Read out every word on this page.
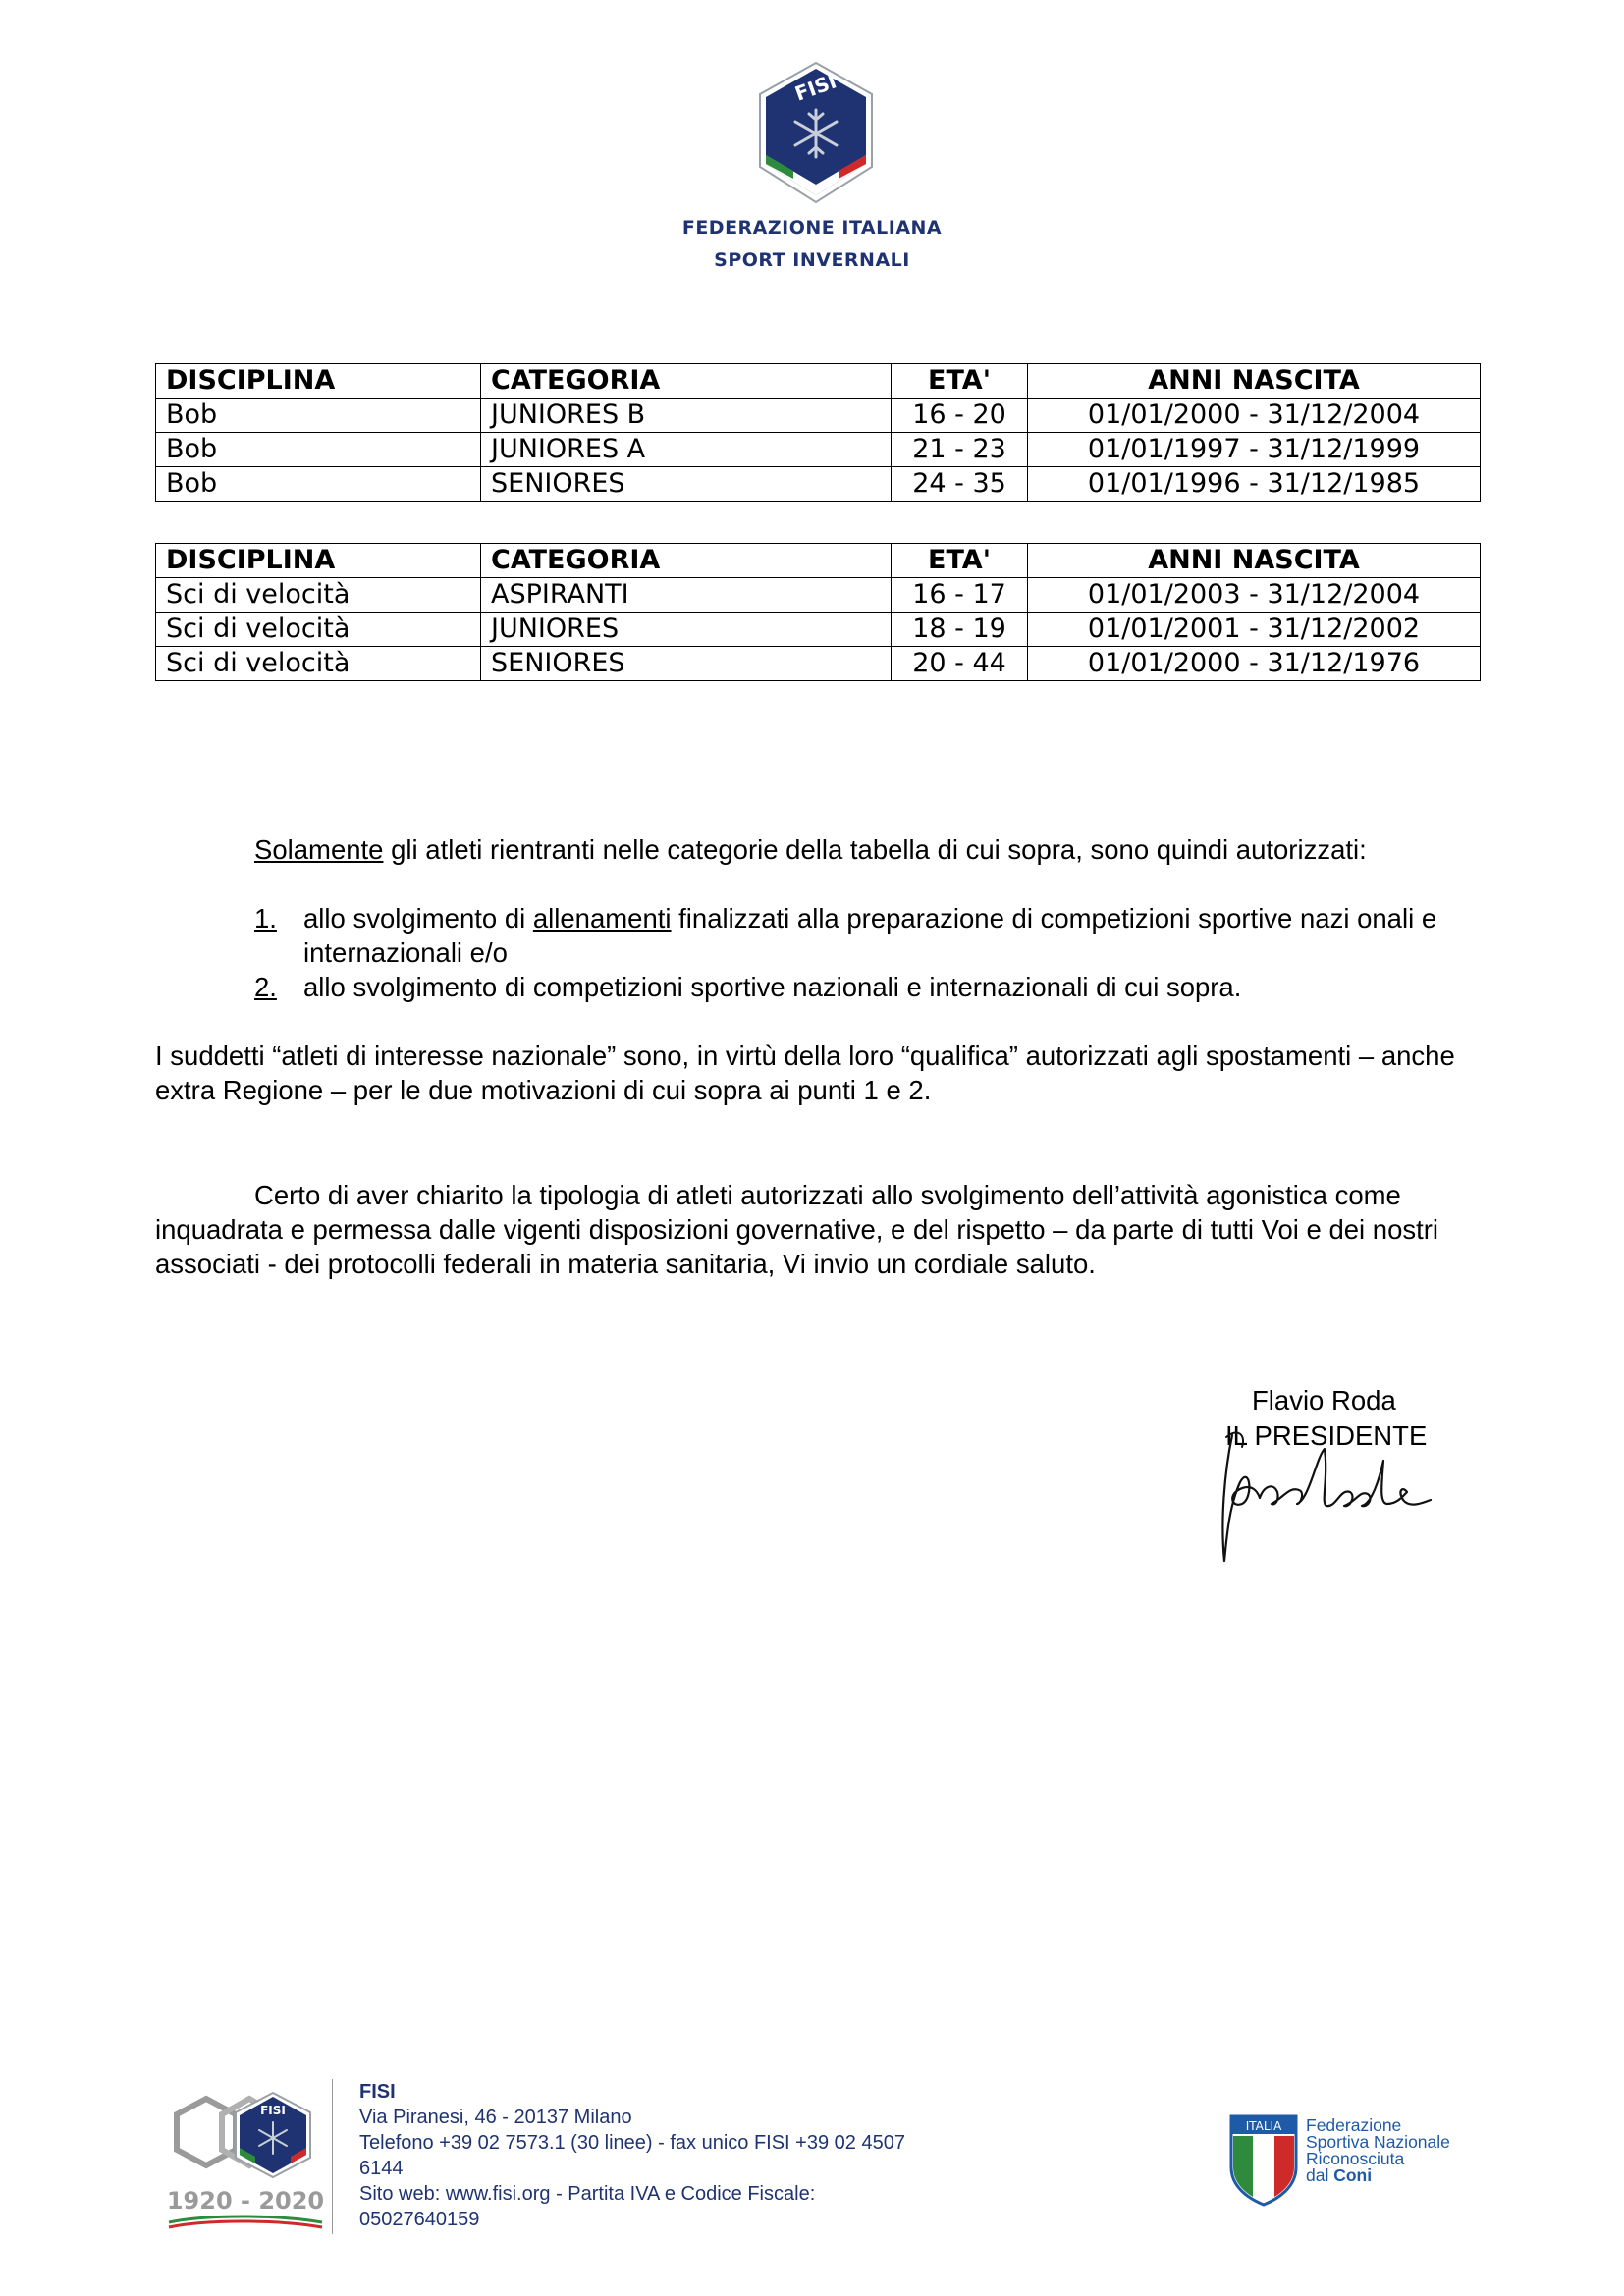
FISI
FEDERAZIONE ITALIANA
SPORT INVERNALI
DISCIPLINA	CATEGORIA	ETA'	ANNI NASCITA
Bob	JUNIORES B	16 - 20	01/01/2000 - 31/12/2004
Bob	JUNIORES A	21 - 23	01/01/1997 - 31/12/1999
Bob	SENIORES	24 - 35	01/01/1996 - 31/12/1985
DISCIPLINA	CATEGORIA	ETA'	ANNI NASCITA
Sci di velocità	ASPIRANTI	16 - 17	01/01/2003 - 31/12/2004
Sci di velocità	JUNIORES	18 - 19	01/01/2001 - 31/12/2002
Sci di velocità	SENIORES	20 - 44	01/01/2000 - 31/12/1976
Solamente gli atleti rientranti nelle categorie della tabella di cui sopra, sono quindi autorizzati:
1. allo svolgimento di allenamenti finalizzati alla preparazione di competizioni sportive nazi onali e internazionali e/o
2. allo svolgimento di competizioni sportive nazionali e internazionali di cui sopra.
I suddetti “atleti di interesse nazionale” sono, in virtù della loro “qualifica” autorizzati agli spostamenti – anche extra Regione – per le due motivazioni di cui sopra ai punti 1 e 2.
Certo di aver chiarito la tipologia di atleti autorizzati allo svolgimento dell’attività agonistica come inquadrata e permessa dalle vigenti disposizioni governative, e del rispetto – da parte di tutti Voi e dei nostri associati - dei protocolli federali in materia sanitaria, Vi invio un cordiale saluto.
Flavio Roda
IL PRESIDENTE
FISI
1920 - 2020
FISI
Via Piranesi, 46 - 20137 Milano
Telefono +39 02 7573.1 (30 linee) - fax unico FISI +39 02 4507 6144
Sito web: www.fisi.org - Partita IVA e Codice Fiscale: 05027640159
ITALIA Federazione
Sportiva Nazionale
Riconosciuta
dal Coni
